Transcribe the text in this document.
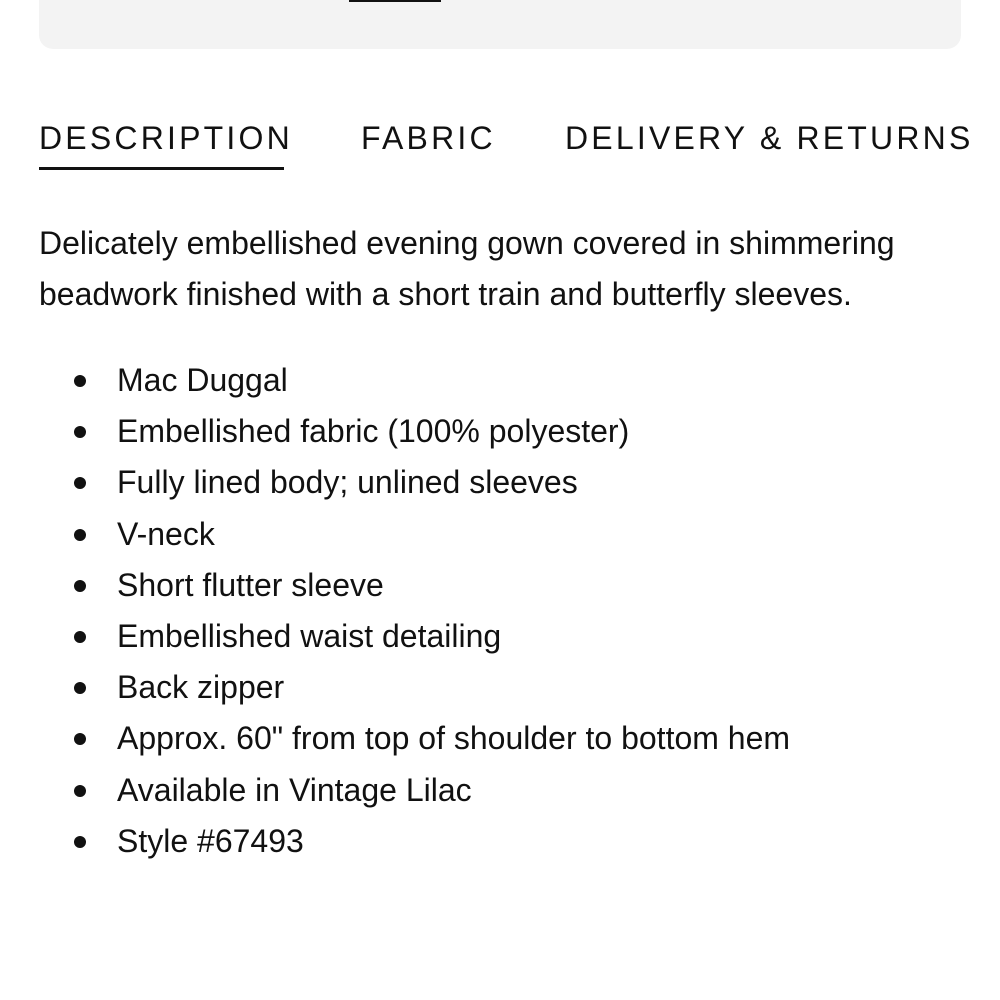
DESCRIPTION FABRIC DELIVERY & RETURNS

Delicately embellished evening gown covered in shimmering beadwork finished with a short train and butterfly sleeves.

Mac Duggal
Embellished fabric (100% polyester)
Fully lined body; unlined sleeves
V-neck
Short flutter sleeve
Embellished waist detailing
Back zipper
Approx. 60" from top of shoulder to bottom hem
Available in Vintage Lilac
Style #67493
